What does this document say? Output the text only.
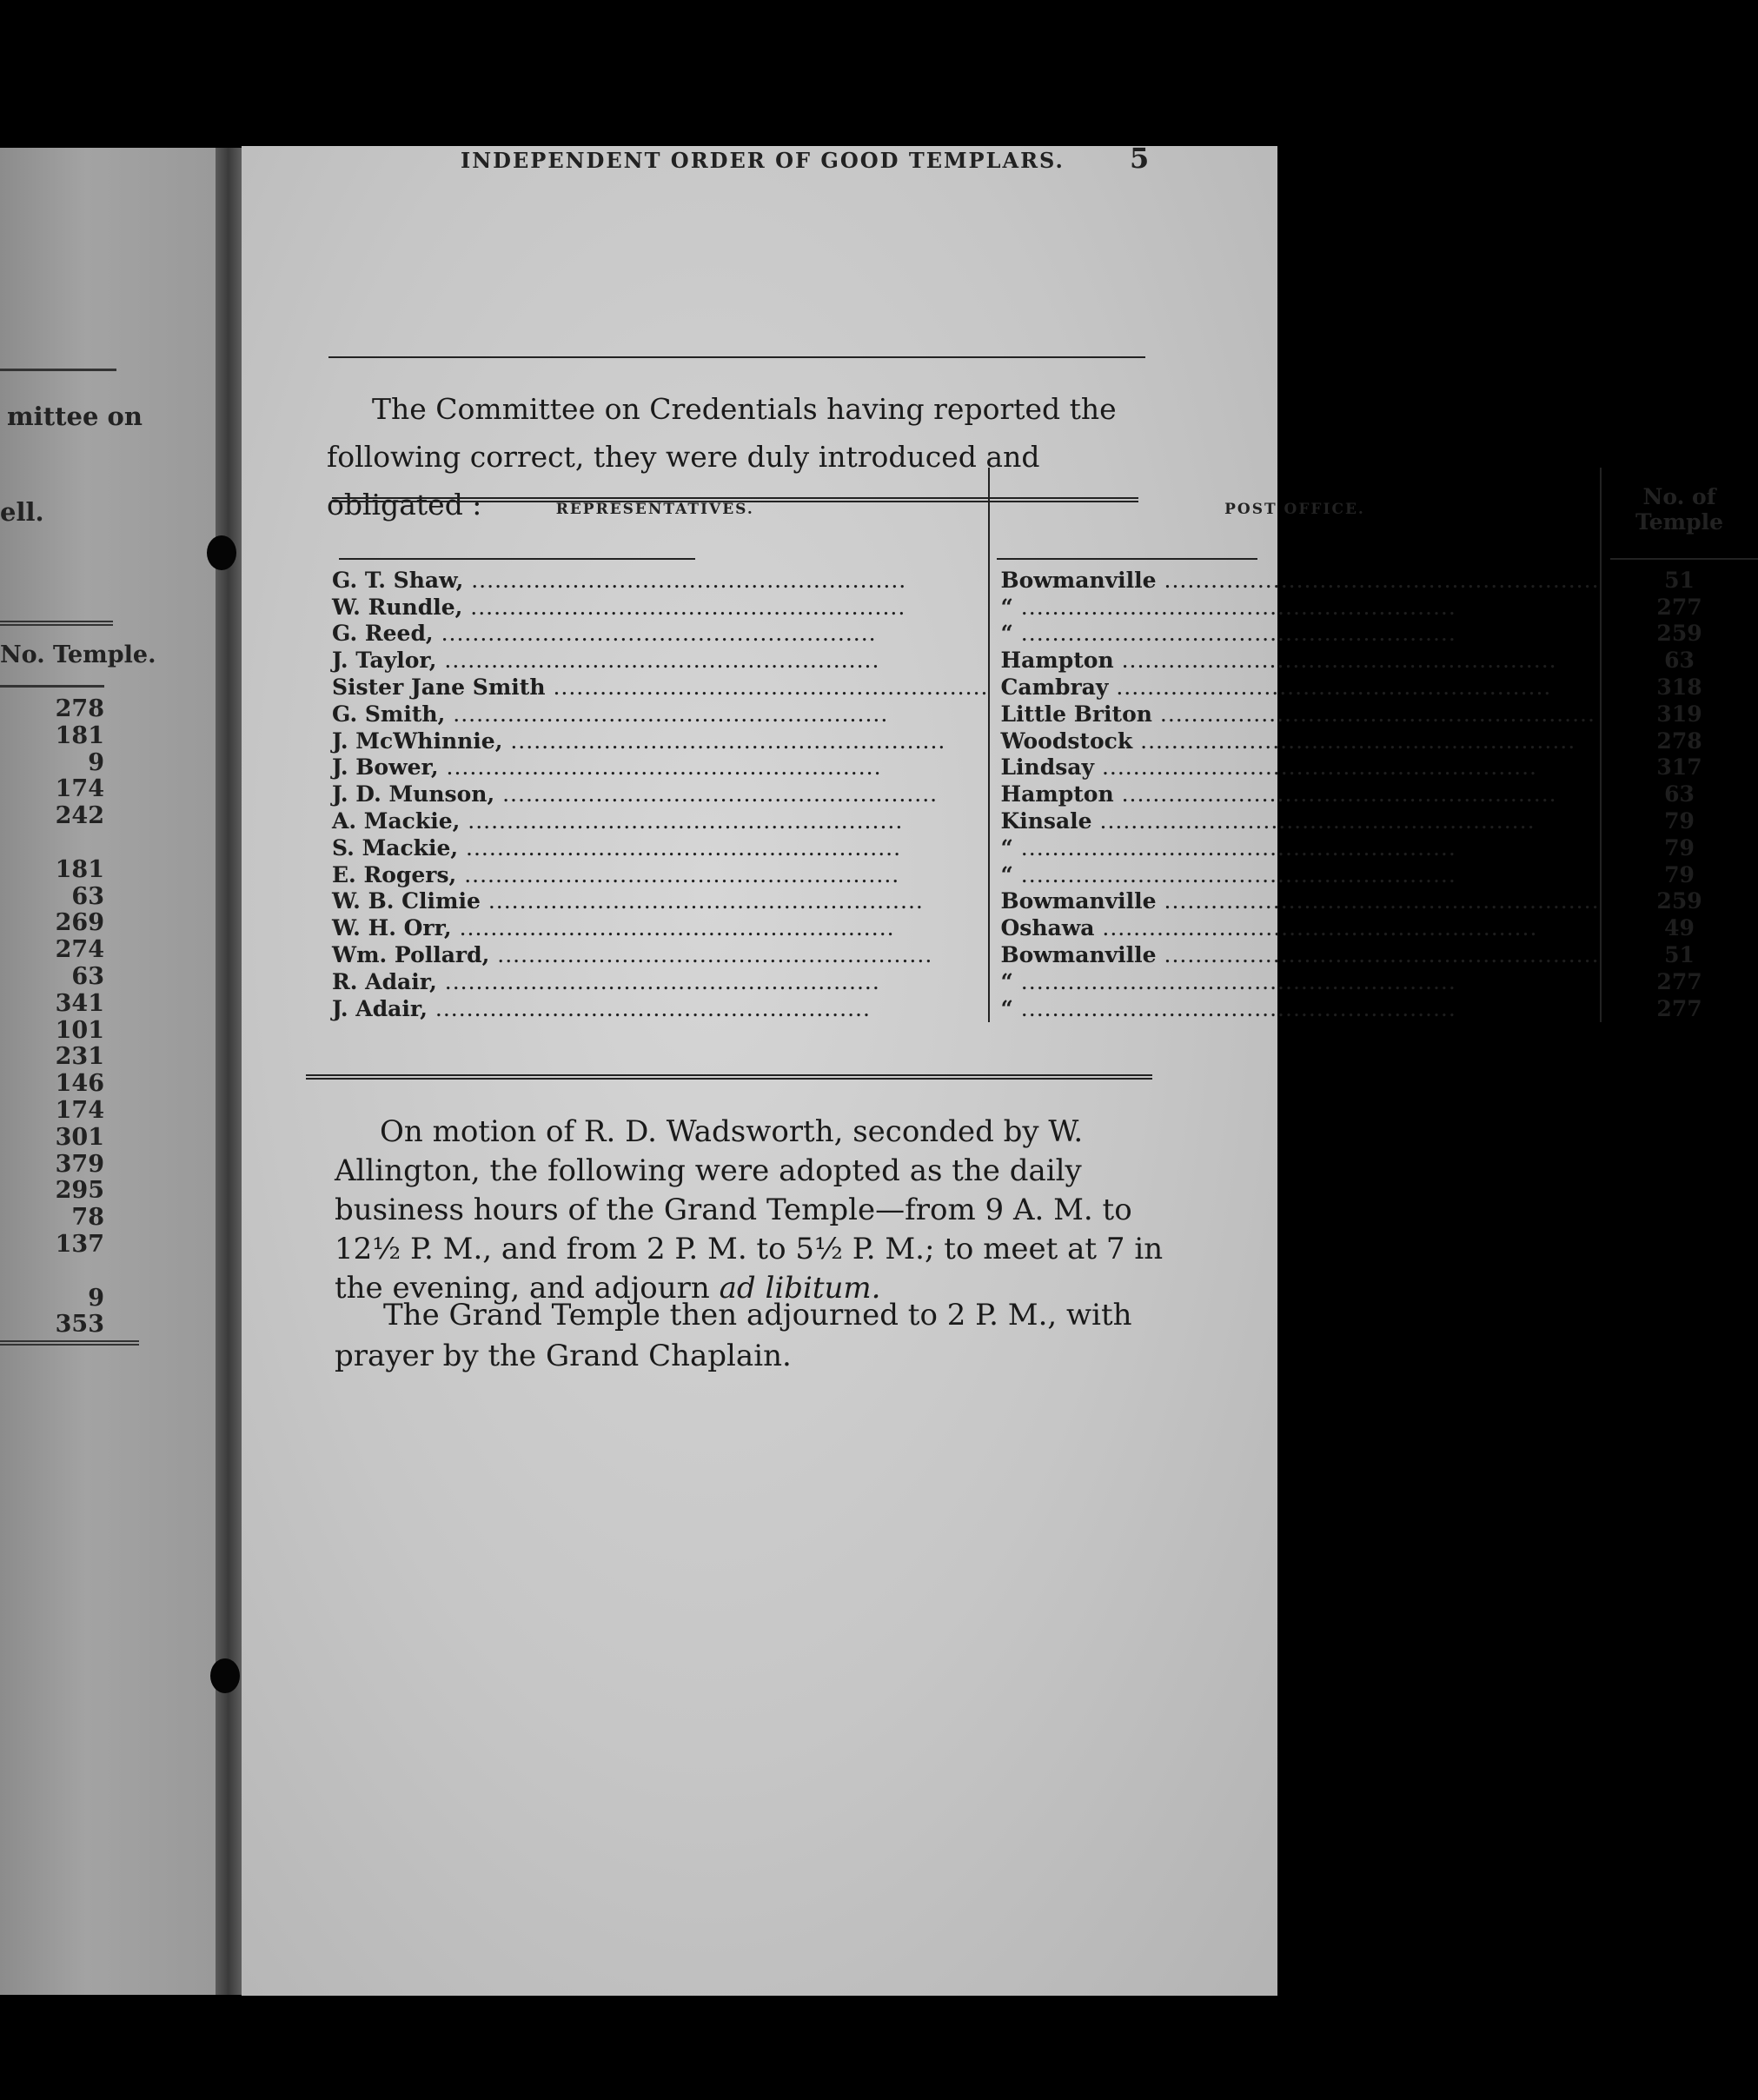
mittee on
ell.
No. Temple.
278
181
9
174
242
181
63
269
274
63
341
101
231
146
174
301
379
295
78
137
9
353
INDEPENDENT ORDER OF GOOD TEMPLARS. 5
The Committee on Credentials having reported the following correct, they were duly introduced and obligated :	REPRESENTATIVES.	POST OFFICE.	No. of Temple

G. T. Shaw, .....	Bowmanville .....	51
W. Rundle, .....	“ .....	277
G. Reed, .....	“ .....	259
J. Taylor, .....	Hampton .....	63
Sister Jane Smith .....	Cambray .....	318
G. Smith, .....	Little Briton .....	319
J. McWhinnie, .....	Woodstock .....	278
J. Bower, .....	Lindsay .....	317
J. D. Munson, .....	Hampton .....	63
A. Mackie, .....	Kinsale .....	79
S. Mackie, .....	“ .....	79
E. Rogers, .....	“ .....	79
W. B. Climie .....	Bowmanville .....	259
W. H. Orr, .....	Oshawa .....	49
Wm. Pollard, .....	Bowmanville .....	51
R. Adair, .....	“ .....	277
J. Adair, .....	“ .....	277
On motion of R. D. Wadsworth, seconded by W. Allington, the following were adopted as the daily business hours of the Grand Temple—from 9 A. M. to 12½ P. M., and from 2 P. M. to 5½ P. M.; to meet at 7 in the evening, and adjourn ad libitum.
The Grand Temple then adjourned to 2 P. M., with prayer by the Grand Chaplain.
